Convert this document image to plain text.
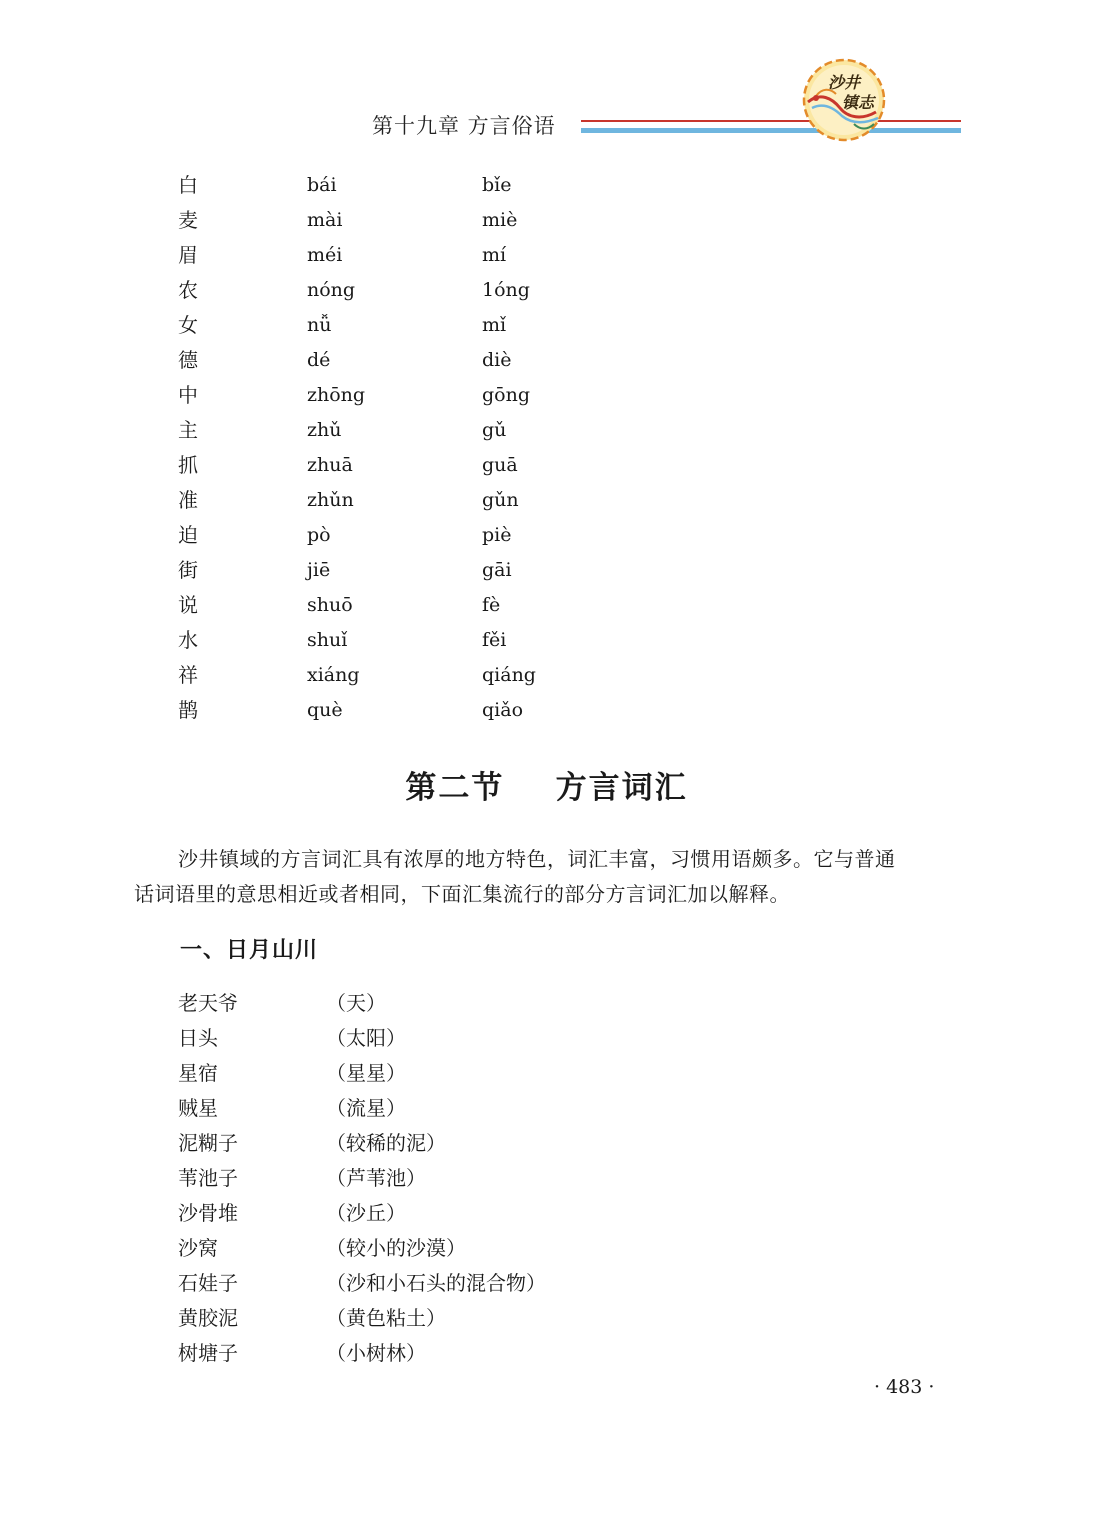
第十九章 方言俗语
沙井
镇志
白	bái	bǐe
麦	mài	miè
眉	méi	mí
农	nóng	1óng
女	nǚ	mǐ
德	dé	diè
中	zhōng	gōng
主	zhǔ	gǔ
抓	zhuā	guā
准	zhǔn	gǔn
迫	pò	piè
街	jiē	gāi
说	shuō	fè
水	shuǐ	fěi
祥	xiáng	qiáng
鹊	què	qiǎo
第二节    方言词汇
沙井镇域的方言词汇具有浓厚的地方特色，词汇丰富，习惯用语颇多。它与普通
话词语里的意思相近或者相同，下面汇集流行的部分方言词汇加以解释。
一、日月山川
老天爷	（天）
日头	（太阳）
星宿	（星星）
贼星	（流星）
泥糊子	（较稀的泥）
苇池子	（芦苇池）
沙骨堆	（沙丘）
沙窝	（较小的沙漠）
石娃子	（沙和小石头的混合物）
黄胶泥	（黄色粘土）
树塘子	（小树林）
· 483 ·
